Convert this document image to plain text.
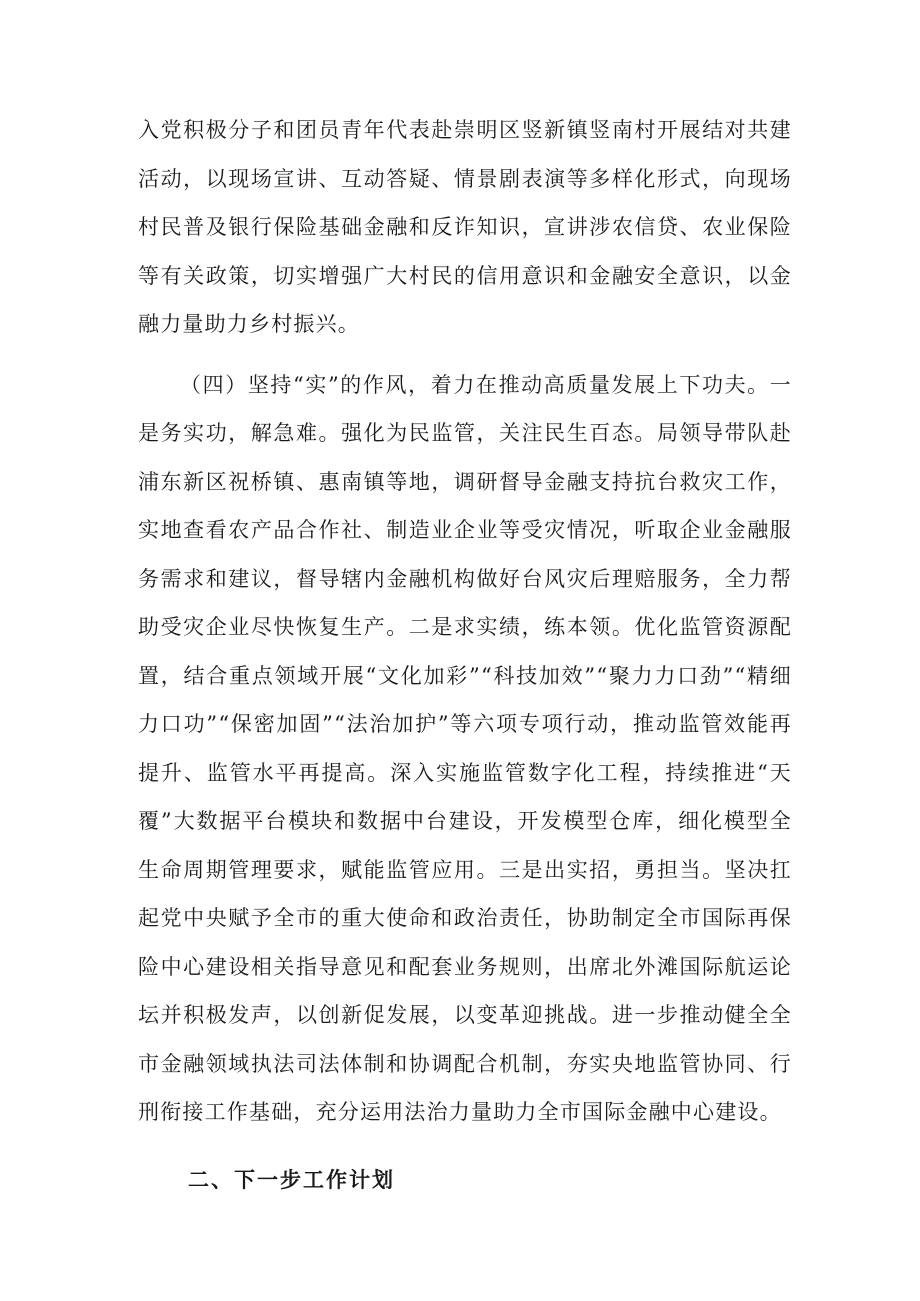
入党积极分子和团员青年代表赴崇明区竖新镇竖南村开展结对共建活动，以现场宣讲、互动答疑、情景剧表演等多样化形式，向现场村民普及银行保险基础金融和反诈知识，宣讲涉农信贷、农业保险等有关政策，切实增强广大村民的信用意识和金融安全意识，以金融力量助力乡村振兴。

（四）坚持“实”的作风，着力在推动高质量发展上下功夫。一是务实功，解急难。强化为民监管，关注民生百态。局领导带队赴浦东新区祝桥镇、惠南镇等地，调研督导金融支持抗台救灾工作，实地查看农产品合作社、制造业企业等受灾情况，听取企业金融服务需求和建议，督导辖内金融机构做好台风灾后理赔服务，全力帮助受灾企业尽快恢复生产。二是求实绩，练本领。优化监管资源配置，结合重点领域开展“文化加彩”“科技加效”“聚力力口劲”“精细力口功”“保密加固”“法治加护”等六项专项行动，推动监管效能再提升、监管水平再提高。深入实施监管数字化工程，持续推进“天覆”大数据平台模块和数据中台建设，开发模型仓库，细化模型全生命周期管理要求，赋能监管应用。三是出实招，勇担当。坚决扛起党中央赋予全市的重大使命和政治责任，协助制定全市国际再保险中心建设相关指导意见和配套业务规则，出席北外滩国际航运论坛并积极发声，以创新促发展，以变革迎挑战。进一步推动健全全市金融领域执法司法体制和协调配合机制，夯实央地监管协同、行刑衔接工作基础，充分运用法治力量助力全市国际金融中心建设。

二、下一步工作计划
